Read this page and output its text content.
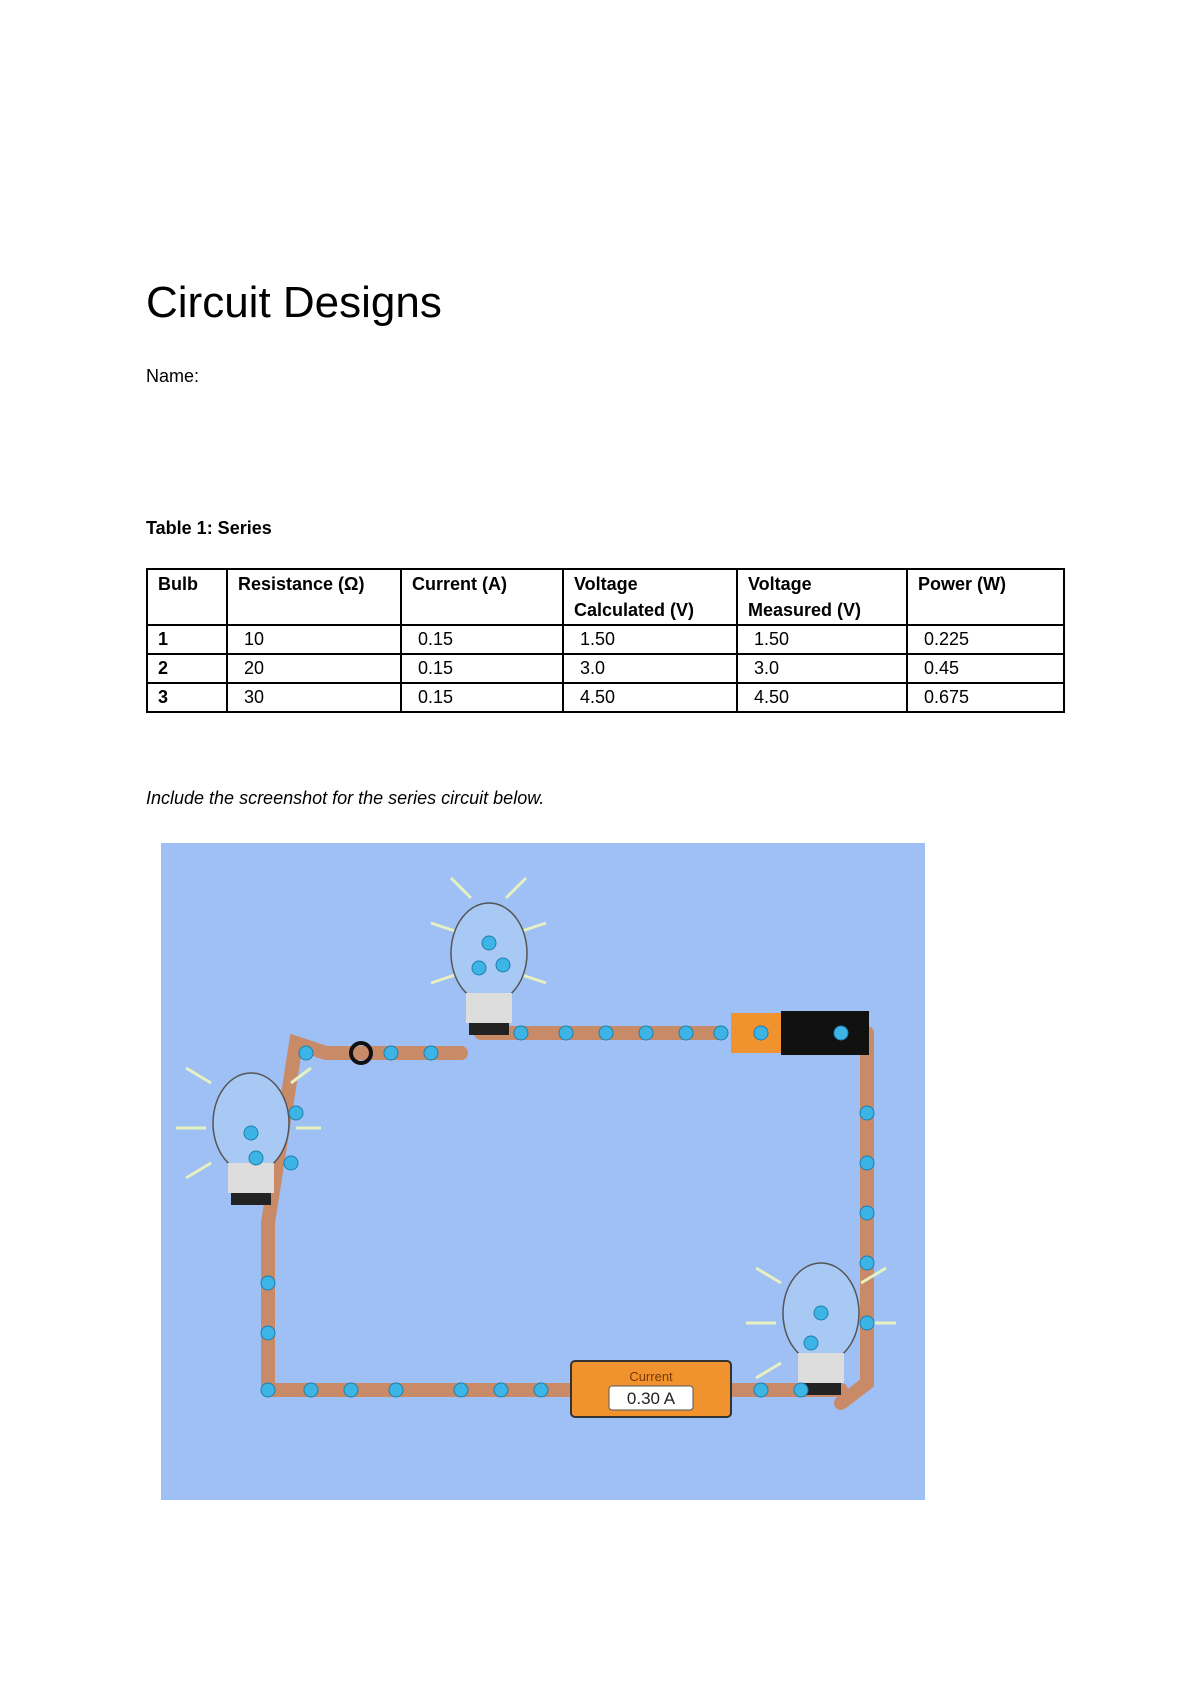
Circuit Designs
Name:
Table 1: Series
Bulb	Resistance (Ω)	Current (A)	Voltage Calculated (V)	Voltage Measured (V)	Power (W)
1	10	0.15	1.50	1.50	0.225
2	20	0.15	3.0	3.0	0.45
3	30	0.15	4.50	4.50	0.675
Include the screenshot for the series circuit below.
Current
0.30 A
